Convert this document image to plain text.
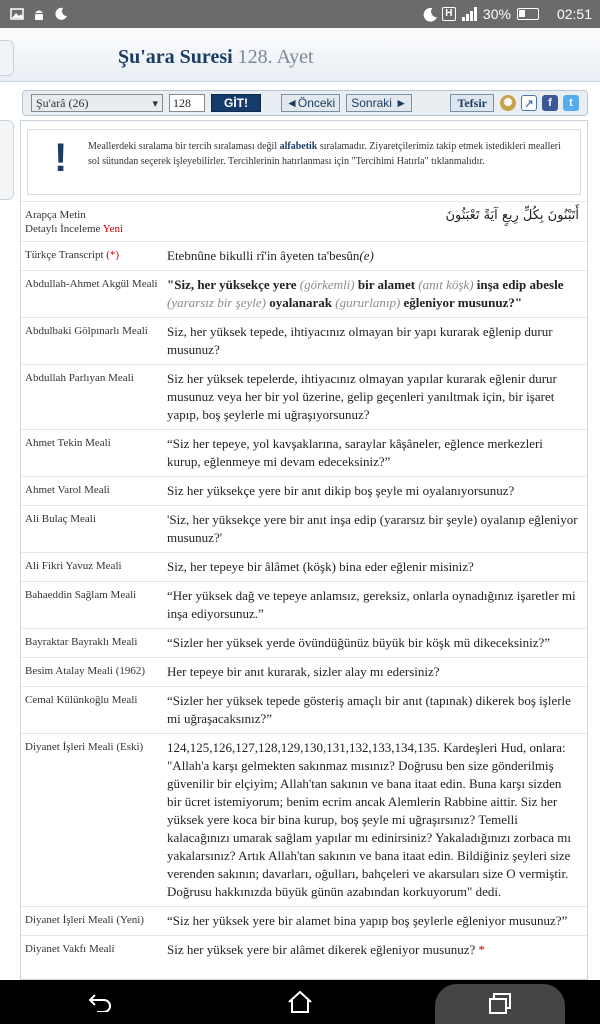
H 30%	02:51
Şu'ara Suresi 128. Ayet
Şu'arâ (26) ▾	128	GİT!	◄Önceki	Sonraki ►	Tefsir	✺	↗	f	t
! Meallerdeki sıralama bir tercih sıralaması değil alfabetik sıralamadır. Ziyaretçilerimiz takip etmek istedikleri mealleri sol sütundan seçerek işleyebilirler. Tercihlerinin hatırlanması için "Tercihimi Hatırla" tıklanmalıdır.
Arapça Metin
Detaylı İnceleme Yeni
أَتَبْنُونَ بِكُلِّ رِيعٍ آيَةً تَعْبَثُونَ
Türkçe Transcript (*)	Etebnûne bikulli rî'in âyeten ta'besûn(e)
Abdullah-Ahmet Akgül Meali "Siz, her yüksekçe yere (görkemli) bir alamet (anıt köşk) inşa edip abesle (yararsız bir şeyle) oyalanarak (gururlanıp) eğleniyor musunuz?"
Abdulbaki Gölpınarlı Meali	Siz, her yüksek tepede, ihtiyacınız olmayan bir yapı kurarak eğlenip durur musunuz?
Abdullah Parlıyan Meali	Siz her yüksek tepelerde, ihtiyacınız olmayan yapılar kurarak eğlenir durur musunuz veya her bir yol üzerine, gelip geçenleri yanıltmak için, bir işaret yapıp, boş şeylerle mi uğraşıyorsunuz?
Ahmet Tekin Meali	“Siz her tepeye, yol kavşaklarına, saraylar kâşâneler, eğlence merkezleri kurup, eğlenmeye mi devam edeceksiniz?”
Ahmet Varol Meali	Siz her yüksekçe yere bir anıt dikip boş şeyle mi oyalanıyorsunuz?
Ali Bulaç Meali	'Siz, her yüksekçe yere bir anıt inşa edip (yararsız bir şeyle) oyalanıp eğleniyor musunuz?'
Ali Fikri Yavuz Meali	Siz, her tepeye bir âlâmet (köşk) bina eder eğlenir misiniz?
Bahaeddin Sağlam Meali	“Her yüksek dağ ve tepeye anlamsız, gereksiz, onlarla oynadığınız işaretler mi inşa ediyorsunuz.”
Bayraktar Bayraklı Meali	“Sizler her yüksek yerde övündüğünüz büyük bir köşk mü dikeceksiniz?”
Besim Atalay Meali (1962)	Her tepeye bir anıt kurarak, sizler alay mı edersiniz?
Cemal Külünkoğlu Meali	“Sizler her yüksek tepede gösteriş amaçlı bir anıt (tapınak) dikerek boş işlerle mi uğraşacaksınız?”
Diyanet İşleri Meali (Eski)	124,125,126,127,128,129,130,131,132,133,134,135. Kardeşleri Hud, onlara: "Allah'a karşı gelmekten sakınmaz mısınız? Doğrusu ben size gönderilmiş güvenilir bir elçiyim; Allah'tan sakının ve bana itaat edin. Buna karşı sizden bir ücret istemiyorum; benim ecrim ancak Alemlerin Rabbine aittir. Siz her yüksek yere koca bir bina kurup, boş şeyle mi uğraşırsınız? Temelli kalacağınızı umarak sağlam yapılar mı edinirsiniz? Yakaladığınızı zorbaca mı yakalarsınız? Artık Allah'tan sakının ve bana itaat edin. Bildiğiniz şeyleri size verenden sakının; davarları, oğulları, bahçeleri ve akarsuları size O vermiştir. Doğrusu hakkınızda büyük günün azabından korkuyorum" dedi.
Diyanet İşleri Meali (Yeni)	“Siz her yüksek yere bir alamet bina yapıp boş şeylerle eğleniyor musunuz?”
Diyanet Vakfı Meali	Siz her yüksek yere bir alâmet dikerek eğleniyor musunuz? *
